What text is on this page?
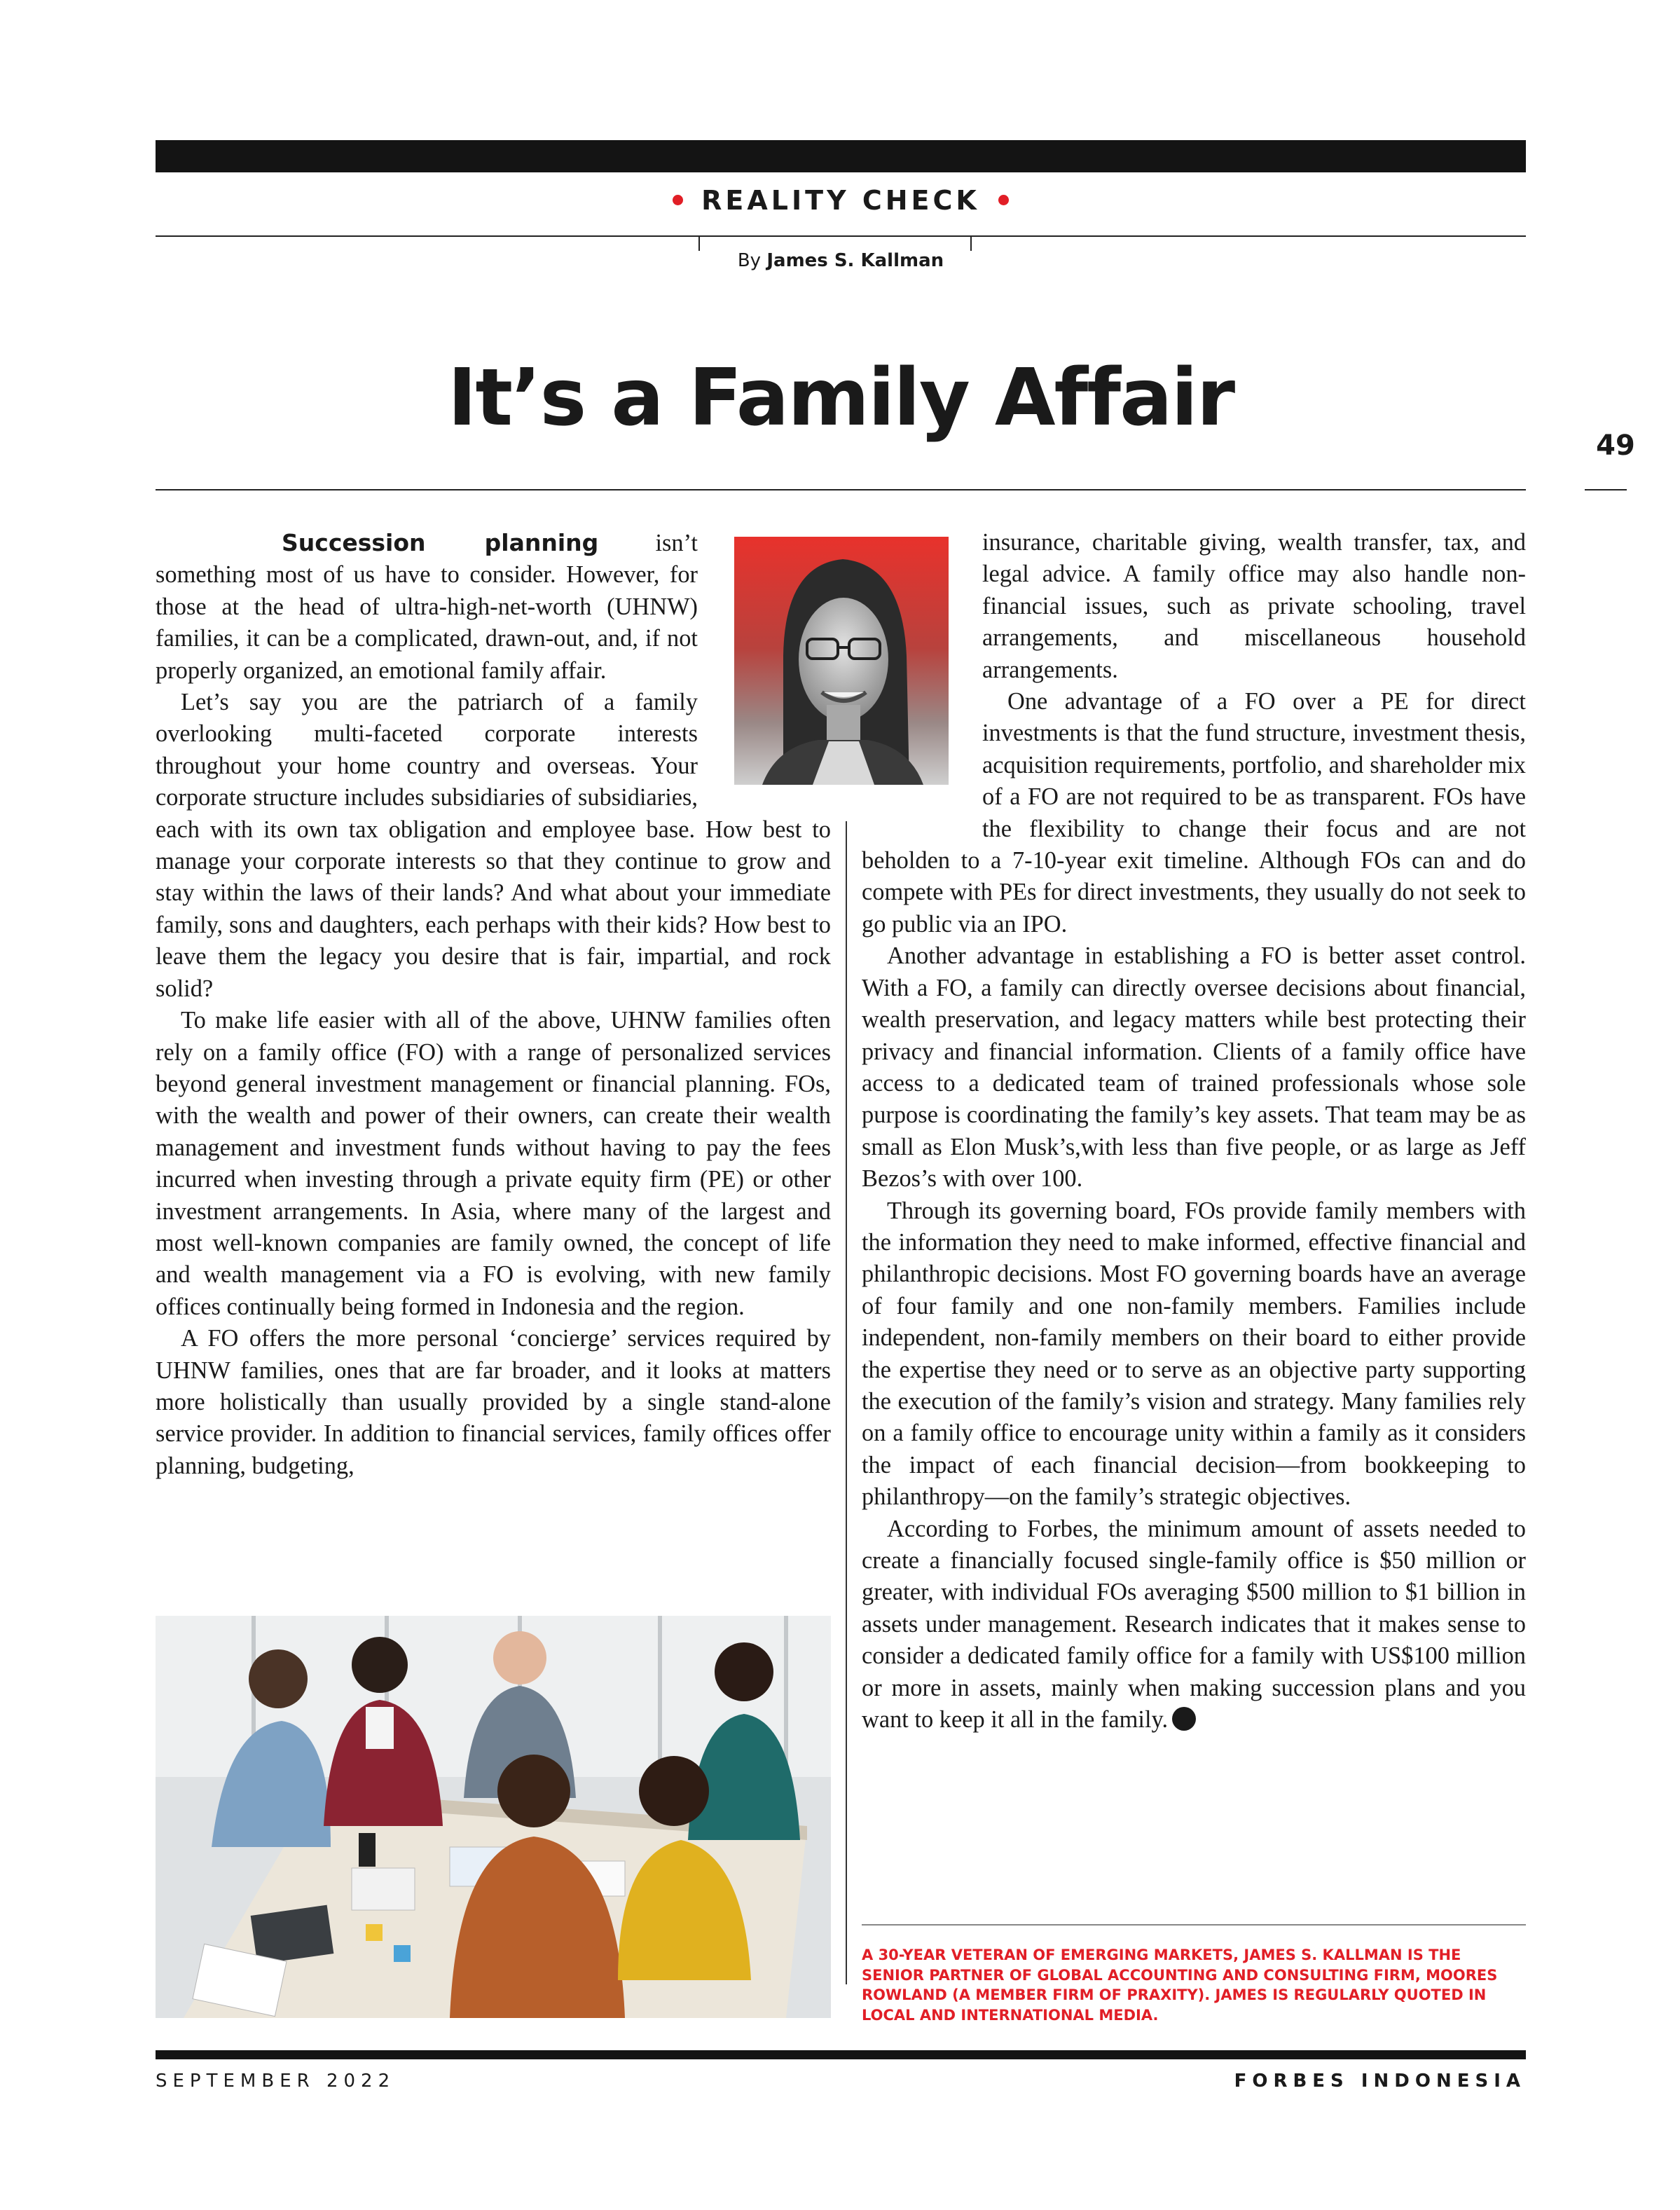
REALITY CHECK
By James S. Kallman
It’s a Family Affair
49

Succession planning isn’t something most of us have to consider. However, for those at the head of ultra-high-net-worth (UHNW) families, it can be a complicated, drawn-out, and, if not properly organized, an emotional family affair.

Let’s say you are the patriarch of a family overlooking multi-faceted corporate interests throughout your home country and overseas. Your corporate structure includes subsidiaries of subsidiaries, each with its own tax obligation and employee base. How best to manage your corporate interests so that they continue to grow and stay within the laws of their lands? And what about your immediate family, sons and daughters, each perhaps with their kids? How best to leave them the legacy you desire that is fair, impartial, and rock solid?

To make life easier with all of the above, UHNW families often rely on a family office (FO) with a range of personalized services beyond general investment management or financial planning. FOs, with the wealth and power of their owners, can create their wealth management and investment funds without having to pay the fees incurred when investing through a private equity firm (PE) or other investment arrangements. In Asia, where many of the largest and most well-known companies are family owned, the concept of life and wealth management via a FO is evolving, with new family offices continually being formed in Indonesia and the region.

A FO offers the more personal ‘concierge’ services required by UHNW families, ones that are far broader, and it looks at matters more holistically than usually provided by a single stand-alone service provider. In addition to financial services, family offices offer planning, budgeting,

insurance, charitable giving, wealth transfer, tax, and legal advice. A family office may also handle non-financial issues, such as private schooling, travel arrangements, and miscellaneous household arrangements.

One advantage of a FO over a PE for direct investments is that the fund structure, investment thesis, acquisition requirements, portfolio, and shareholder mix of a FO are not required to be as transparent. FOs have the flexibility to change their focus and are not beholden to a 7-10-year exit timeline. Although FOs can and do compete with PEs for direct investments, they usually do not seek to go public via an IPO.

Another advantage in establishing a FO is better asset control. With a FO, a family can directly oversee decisions about financial, wealth preservation, and legacy matters while best protecting their privacy and financial information. Clients of a family office have access to a dedicated team of trained professionals whose sole purpose is coordinating the family’s key assets. That team may be as small as Elon Musk’s,with less than five people, or as large as Jeff Bezos’s with over 100.

Through its governing board, FOs provide family members with the information they need to make informed, effective financial and philanthropic decisions. Most FO governing boards have an average of four family and one non-family members. Families include independent, non-family members on their board to either provide the expertise they need or to serve as an objective party supporting the execution of the family’s vision and strategy. Many families rely on a family office to encourage unity within a family as it considers the impact of each financial decision—from bookkeeping to philanthropy—on the family’s strategic objectives.

According to Forbes, the minimum amount of assets needed to create a financially focused single-family office is $50 million or greater, with individual FOs averaging $500 million to $1 billion in assets under management. Research indicates that it makes sense to consider a dedicated family office for a family with US$100 million or more in assets, mainly when making succession plans and you want to keep it all in the family. F

A 30-YEAR VETERAN OF EMERGING MARKETS, JAMES S. KALLMAN IS THE SENIOR PARTNER OF GLOBAL ACCOUNTING AND CONSULTING FIRM, MOORES ROWLAND (A MEMBER FIRM OF PRAXITY). JAMES IS REGULARLY QUOTED IN LOCAL AND INTERNATIONAL MEDIA.
SEPTEMBER 2022	FORBES INDONESIA
